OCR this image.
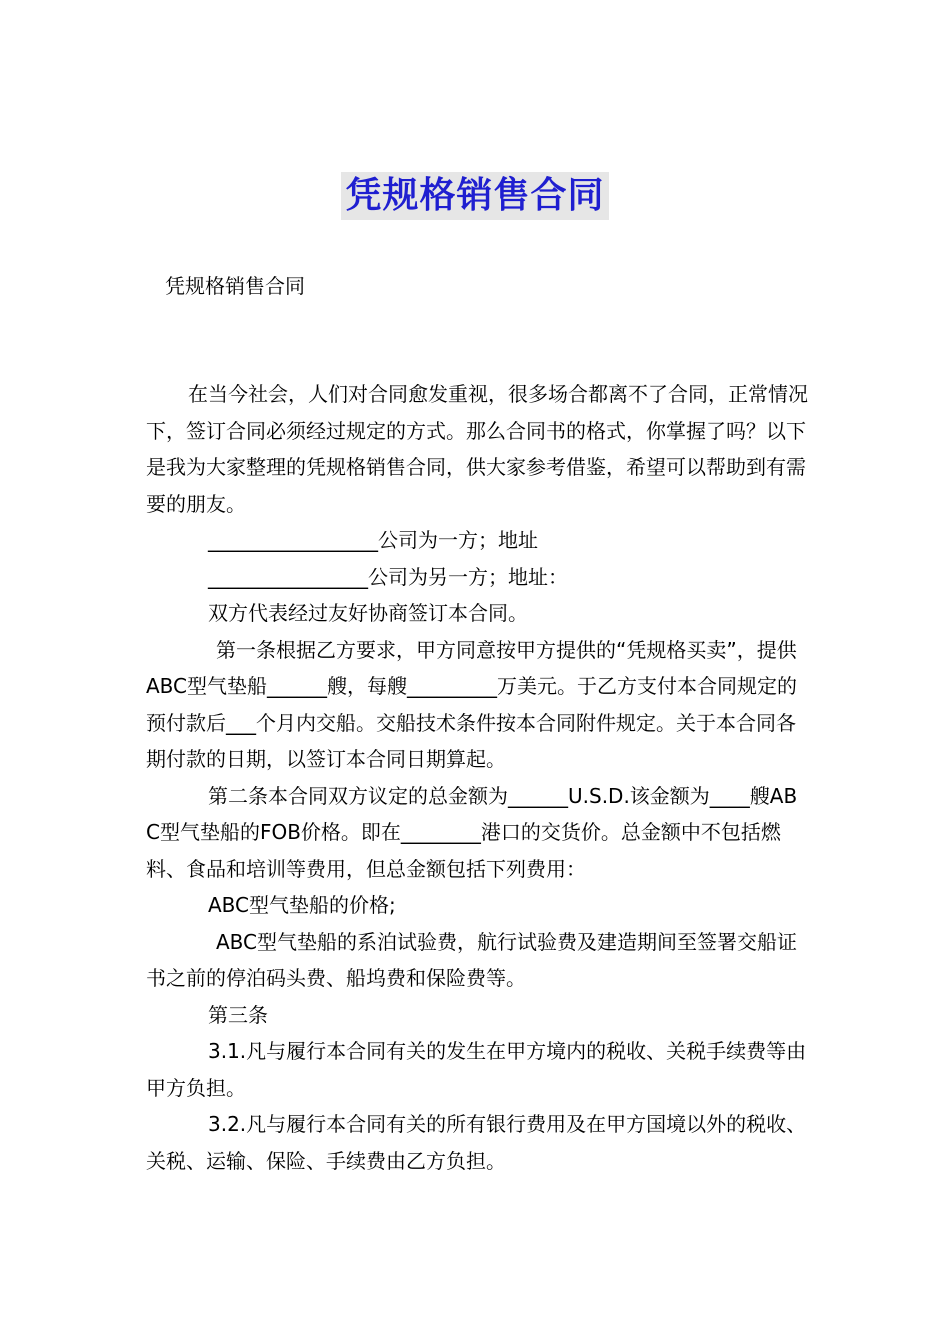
凭规格销售合同
凭规格销售合同

在当今社会，人们对合同愈发重视，很多场合都离不了合同，正常情况下，签订合同必须经过规定的方式。那么合同书的格式，你掌握了吗？以下是我为大家整理的凭规格销售合同，供大家参考借鉴，希望可以帮助到有需要的朋友。

_________________公司为一方；地址

________________公司为另一方；地址：

双方代表经过友好协商签订本合同。

第一条根据乙方要求，甲方同意按甲方提供的“凭规格买卖”，提供ABC型气垫船______艘，每艘_________万美元。于乙方支付本合同规定的预付款后___个月内交船。交船技术条件按本合同附件规定。关于本合同各期付款的日期，以签订本合同日期算起。

第二条本合同双方议定的总金额为______U.S.D.该金额为____艘ABC型气垫船的FOB价格。即在________港口的交货价。总金额中不包括燃料、食品和培训等费用，但总金额包括下列费用：

ABC型气垫船的价格;

ABC型气垫船的系泊试验费，航行试验费及建造期间至签署交船证书之前的停泊码头费、船坞费和保险费等。

第三条

3.1.凡与履行本合同有关的发生在甲方境内的税收、关税手续费等由甲方负担。

3.2.凡与履行本合同有关的所有银行费用及在甲方国境以外的税收、关税、运输、保险、手续费由乙方负担。
